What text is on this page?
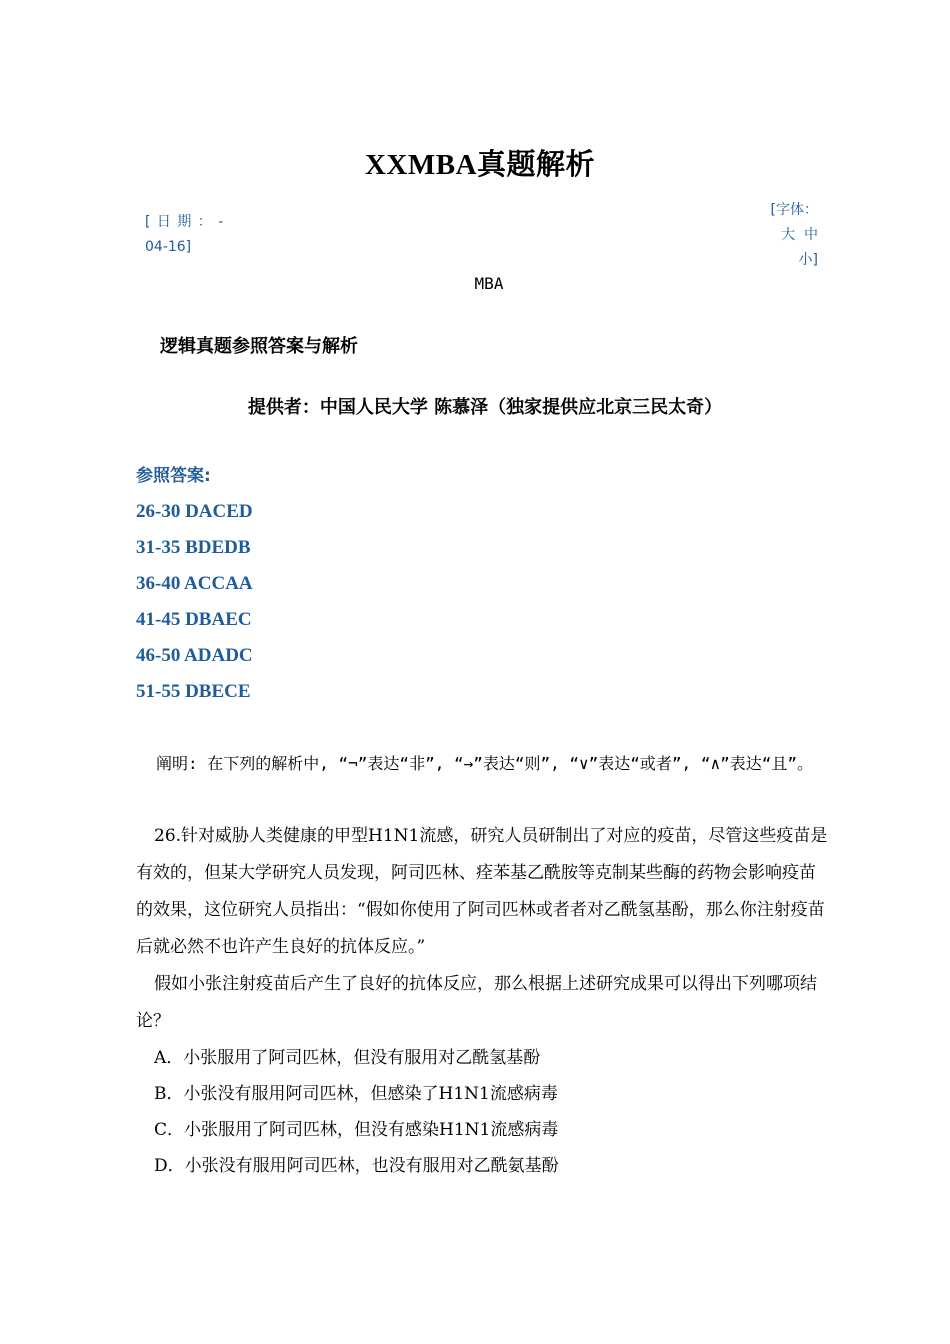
XXMBA真题解析
[ 日 期 ： -
04-16]
[字体：
大 中
小]
MBA
逻辑真题参照答案与解析
提供者：中国人民大学 陈慕泽（独家提供应北京三民太奇）
参照答案:
26-30 DACED
31-35 BDEDB
36-40 ACCAA
41-45 DBAEC
46-50 ADADC
51-55 DBECE
阐明: 在下列的解析中, “¬”表达“非”, “→”表达“则”, “∨”表达“或者”, “∧”表达“且”。

26.针对威胁人类健康的甲型H1N1流感，研究人员研制出了对应的疫苗，尽管这些疫苗是有效的，但某大学研究人员发现，阿司匹林、痊苯基乙酰胺等克制某些酶的药物会影响疫苗的效果，这位研究人员指出：“假如你使用了阿司匹林或者者对乙酰氢基酚，那么你注射疫苗后就必然不也许产生良好的抗体反应。”

假如小张注射疫苗后产生了良好的抗体反应，那么根据上述研究成果可以得出下列哪项结论？

A．小张服用了阿司匹林，但没有服用对乙酰氢基酚
B．小张没有服用阿司匹林，但感染了H1N1流感病毒
C．小张服用了阿司匹林，但没有感染H1N1流感病毒
D．小张没有服用阿司匹林，也没有服用对乙酰氨基酚
